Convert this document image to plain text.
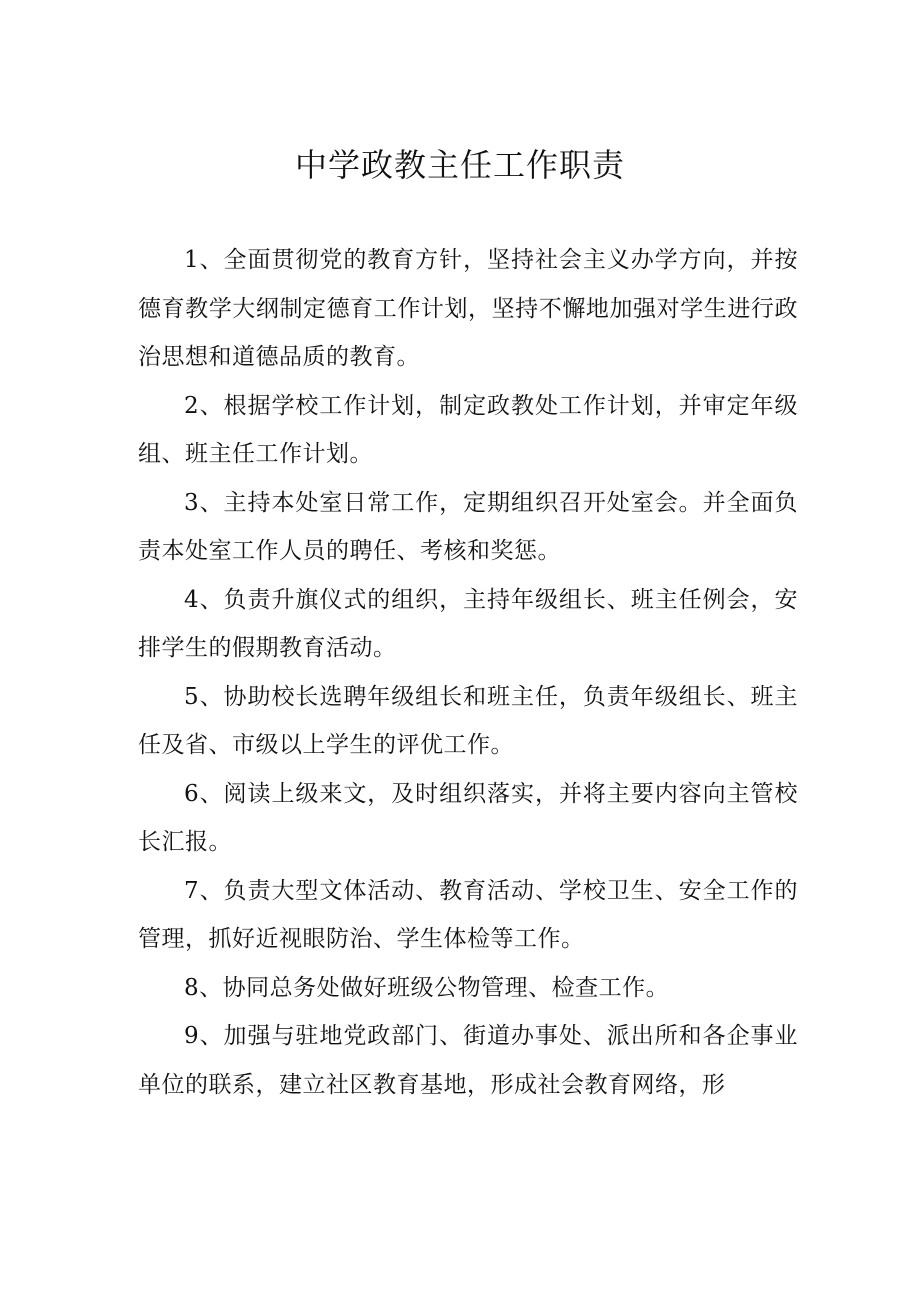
中学政教主任工作职责

1、全面贯彻党的教育方针，坚持社会主义办学方向，并按德育教学大纲制定德育工作计划，坚持不懈地加强对学生进行政治思想和道德品质的教育。

2、根据学校工作计划，制定政教处工作计划，并审定年级组、班主任工作计划。

3、主持本处室日常工作，定期组织召开处室会。并全面负责本处室工作人员的聘任、考核和奖惩。

4、负责升旗仪式的组织，主持年级组长、班主任例会，安排学生的假期教育活动。

5、协助校长选聘年级组长和班主任，负责年级组长、班主任及省、市级以上学生的评优工作。

6、阅读上级来文，及时组织落实，并将主要内容向主管校长汇报。

7、负责大型文体活动、教育活动、学校卫生、安全工作的管理，抓好近视眼防治、学生体检等工作。

8、协同总务处做好班级公物管理、检查工作。

9、加强与驻地党政部门、街道办事处、派出所和各企事业单位的联系，建立社区教育基地，形成社会教育网络，形
